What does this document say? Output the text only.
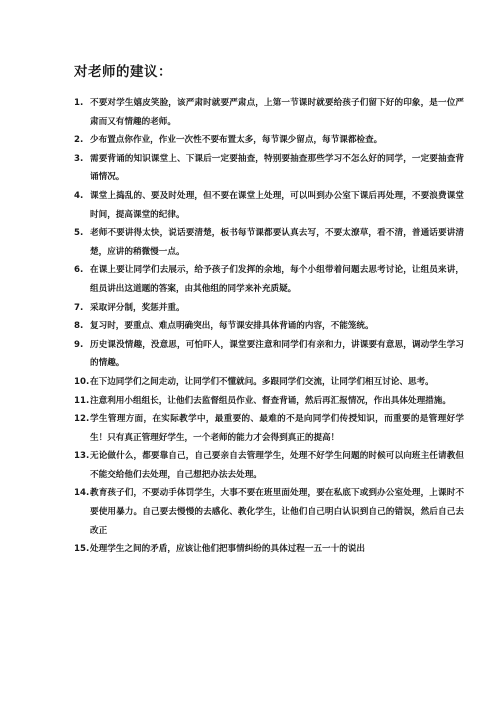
对老师的建议：
1. 不要对学生嬉皮笑脸，该严肃时就要严肃点，上第一节课时就要给孩子们留下好的印象，是一位严肃而又有情趣的老师。
2. 少布置点你作业，作业一次性不要布置太多，每节课少留点，每节课都检查。
3. 需要背诵的知识课堂上、下课后一定要抽查，特别要抽查那些学习不怎么好的同学，一定要抽查背诵情况。
4. 课堂上捣乱的、要及时处理，但不要在课堂上处理，可以叫到办公室下课后再处理，不要浪费课堂时间，提高课堂的纪律。
5. 老师不要讲得太快，说话要清楚，板书每节课都要认真去写，不要太潦草，看不清，普通话要讲清楚，应讲的稍微慢一点。
6. 在课上要让同学们去展示，给予孩子们发挥的余地，每个小组带着问题去思考讨论，让组员来讲，组员讲出这道题的答案，由其他组的同学来补充质疑。
7. 采取评分制，奖惩并重。
8. 复习时，要重点、难点明确突出，每节课安排具体背诵的内容，不能笼统。
9. 历史课没情趣，没意思，可怕吓人，课堂要注意和同学们有亲和力，讲课要有意思，调动学生学习的情趣。
10. 在下边同学们之间走动，让同学们不懂就问。多跟同学们交流，让同学们相互讨论、思考。
11. 注意利用小组组长，让他们去监督组员作业、督查背诵，然后再汇报情况，作出具体处理措施。
12. 学生管理方面，在实际教学中，最重要的、最难的不是向同学们传授知识，而重要的是管理好学生！只有真正管理好学生，一个老师的能力才会得到真正的提高！
13. 无论做什么，都要靠自己，自己要亲自去管理学生，处理不好学生问题的时候可以向班主任请教但不能交给他们去处理，自己想把办法去处理。
14. 教育孩子们，不要动手体罚学生，大事不要在班里面处理，要在私底下或到办公室处理，上课时不要使用暴力。自己要去慢慢的去感化、教化学生，让他们自己明白认识到自己的错误，然后自己去改正
15. 处理学生之间的矛盾，应该让他们把事情纠纷的具体过程一五一十的说出
